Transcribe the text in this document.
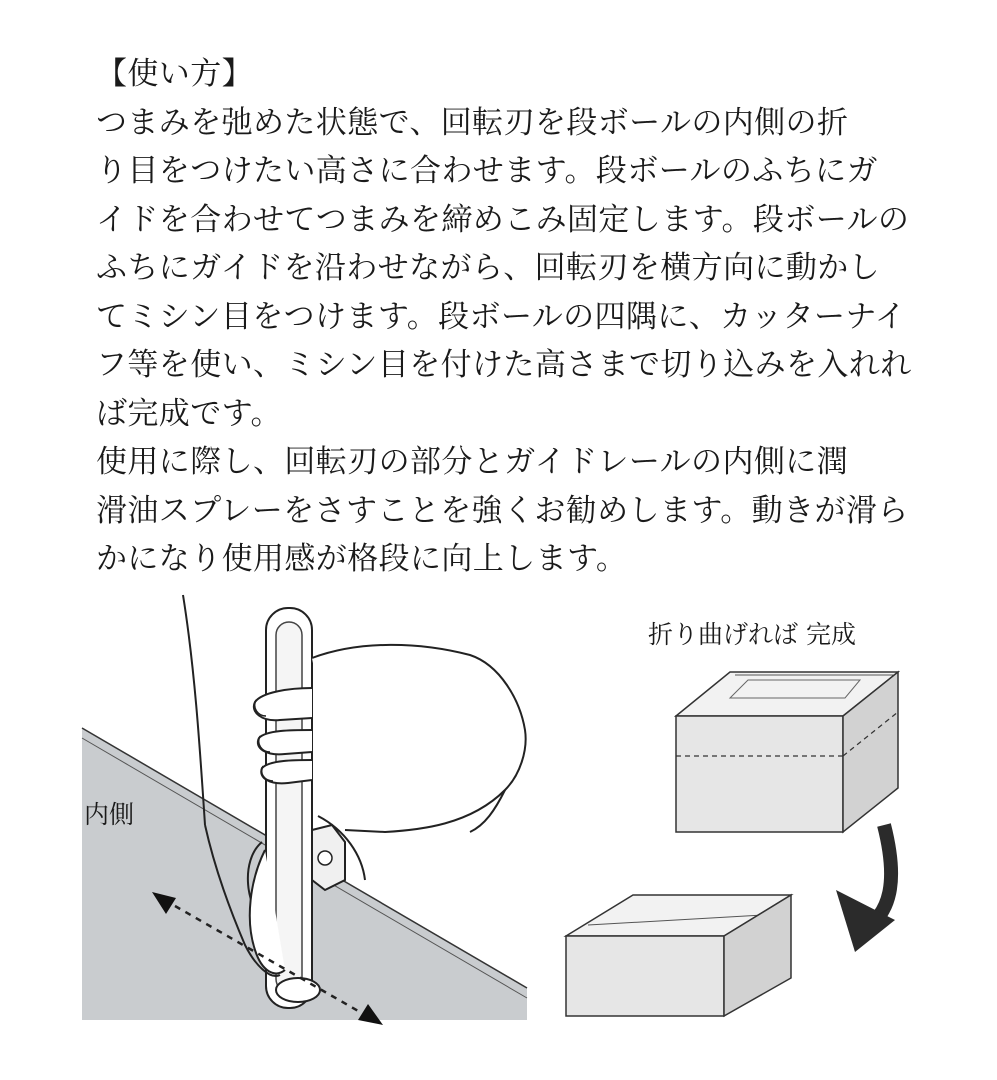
【使い方】

つまみを弛めた状態で、回転刃を段ボールの内側の折

り目をつけたい高さに合わせます。段ボールのふちにガ

イドを合わせてつまみを締めこみ固定します。段ボールの

ふちにガイドを沿わせながら、回転刃を横方向に動かし

てミシン目をつけます。段ボールの四隅に、カッターナイ

フ等を使い、ミシン目を付けた高さまで切り込みを入れれ

ば完成です。

使用に際し、回転刃の部分とガイドレールの内側に潤

滑油スプレーをさすことを強くお勧めします。動きが滑ら

かになり使用感が格段に向上します。

内側
折り曲げれば 完成
